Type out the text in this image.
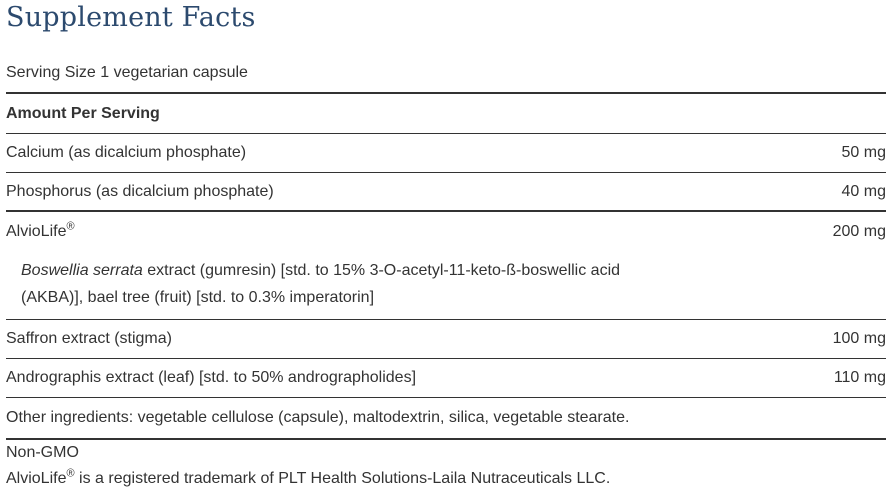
Supplement Facts
Serving Size 1 vegetarian capsule
Amount Per Serving
Calcium (as dicalcium phosphate)	50 mg
Phosphorus (as dicalcium phosphate)	40 mg
AlvioLife®	200 mg
Boswellia serrata extract (gumresin) [std. to 15% 3-O-acetyl-11-keto-ß-boswellic acid
(AKBA)], bael tree (fruit) [std. to 0.3% imperatorin]
Saffron extract (stigma)	100 mg
Andrographis extract (leaf) [std. to 50% andrographolides]	110 mg
Other ingredients: vegetable cellulose (capsule), maltodextrin, silica, vegetable stearate.
Non-GMO
AlvioLife® is a registered trademark of PLT Health Solutions-Laila Nutraceuticals LLC.
